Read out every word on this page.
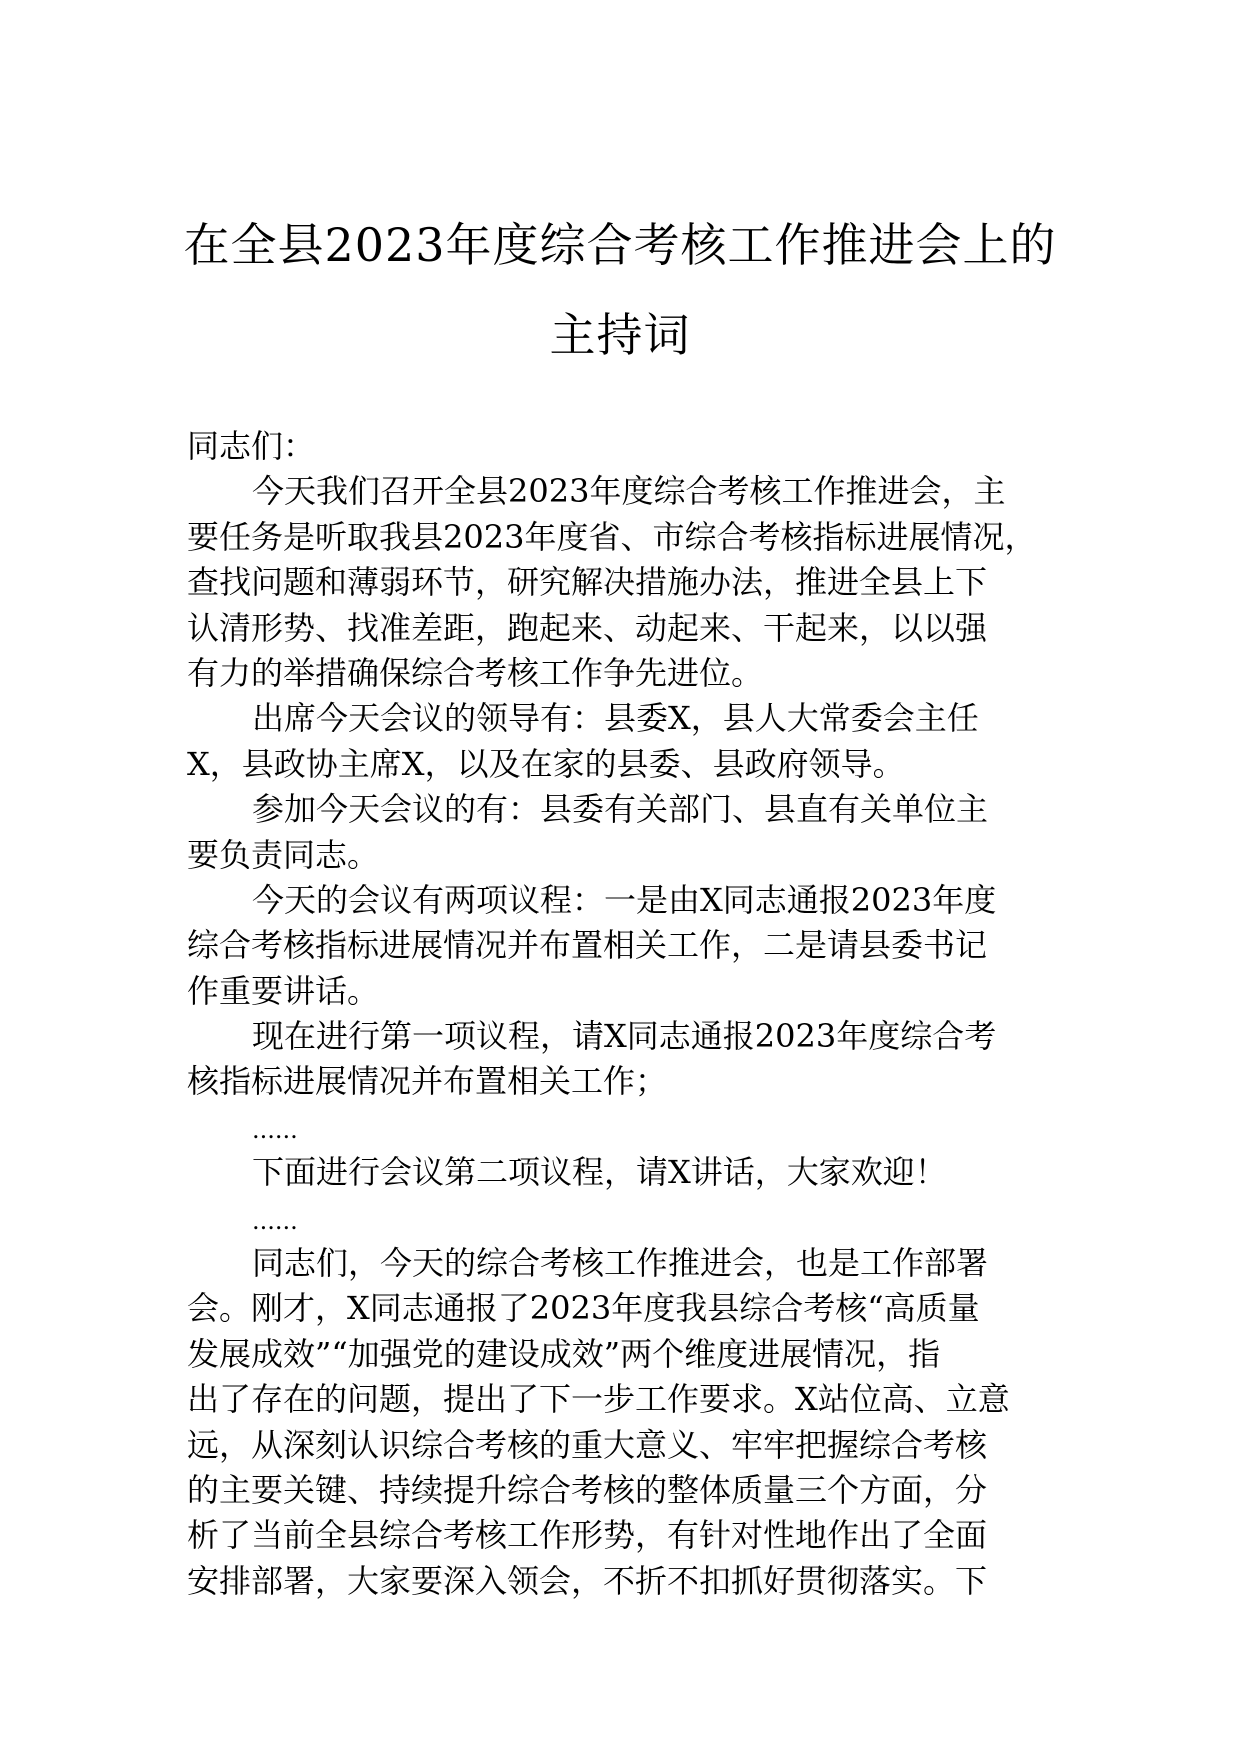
在全县2023年度综合考核工作推进会上的
主持词
同志们：
今天我们召开全县2023年度综合考核工作推进会，主
要任务是听取我县2023年度省、市综合考核指标进展情况，
查找问题和薄弱环节，研究解决措施办法，推进全县上下
认清形势、找准差距，跑起来、动起来、干起来，以以强
有力的举措确保综合考核工作争先进位。
出席今天会议的领导有：县委X，县人大常委会主任
X，县政协主席X，以及在家的县委、县政府领导。
参加今天会议的有：县委有关部门、县直有关单位主
要负责同志。
今天的会议有两项议程：一是由X同志通报2023年度
综合考核指标进展情况并布置相关工作，二是请县委书记
作重要讲话。
现在进行第一项议程，请X同志通报2023年度综合考
核指标进展情况并布置相关工作；
......
下面进行会议第二项议程，请X讲话，大家欢迎！
......
同志们，今天的综合考核工作推进会，也是工作部署
会。刚才，X同志通报了2023年度我县综合考核“高质量
发展成效”“加强党的建设成效”两个维度进展情况，指
出了存在的问题，提出了下一步工作要求。X站位高、立意
远，从深刻认识综合考核的重大意义、牢牢把握综合考核
的主要关键、持续提升综合考核的整体质量三个方面，分
析了当前全县综合考核工作形势，有针对性地作出了全面
安排部署，大家要深入领会，不折不扣抓好贯彻落实。下
